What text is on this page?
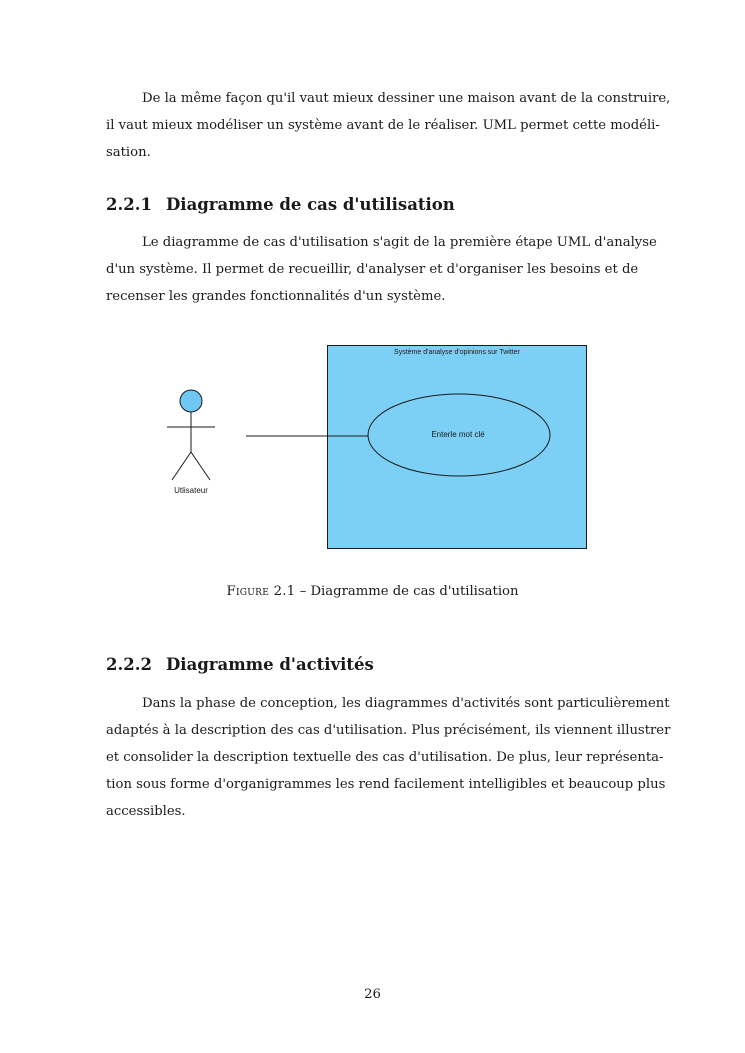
De la même façon qu'il vaut mieux dessiner une maison avant de la construire,
il vaut mieux modéliser un système avant de le réaliser. UML permet cette modéli-
sation.

2.2.1 Diagramme de cas d'utilisation

Le diagramme de cas d'utilisation s'agit de la première étape UML d'analyse
d'un système. Il permet de recueillir, d'analyser et d'organiser les besoins et de
recenser les grandes fonctionnalités d'un système.

Système d'analyse d'opinions sur Twitter
Enterle mot clé
Utlisateur

Figure 2.1 – Diagramme de cas d'utilisation

2.2.2 Diagramme d'activités

Dans la phase de conception, les diagrammes d'activités sont particulièrement
adaptés à la description des cas d'utilisation. Plus précisément, ils viennent illustrer
et consolider la description textuelle des cas d'utilisation. De plus, leur représenta-
tion sous forme d'organigrammes les rend facilement intelligibles et beaucoup plus
accessibles.

26
